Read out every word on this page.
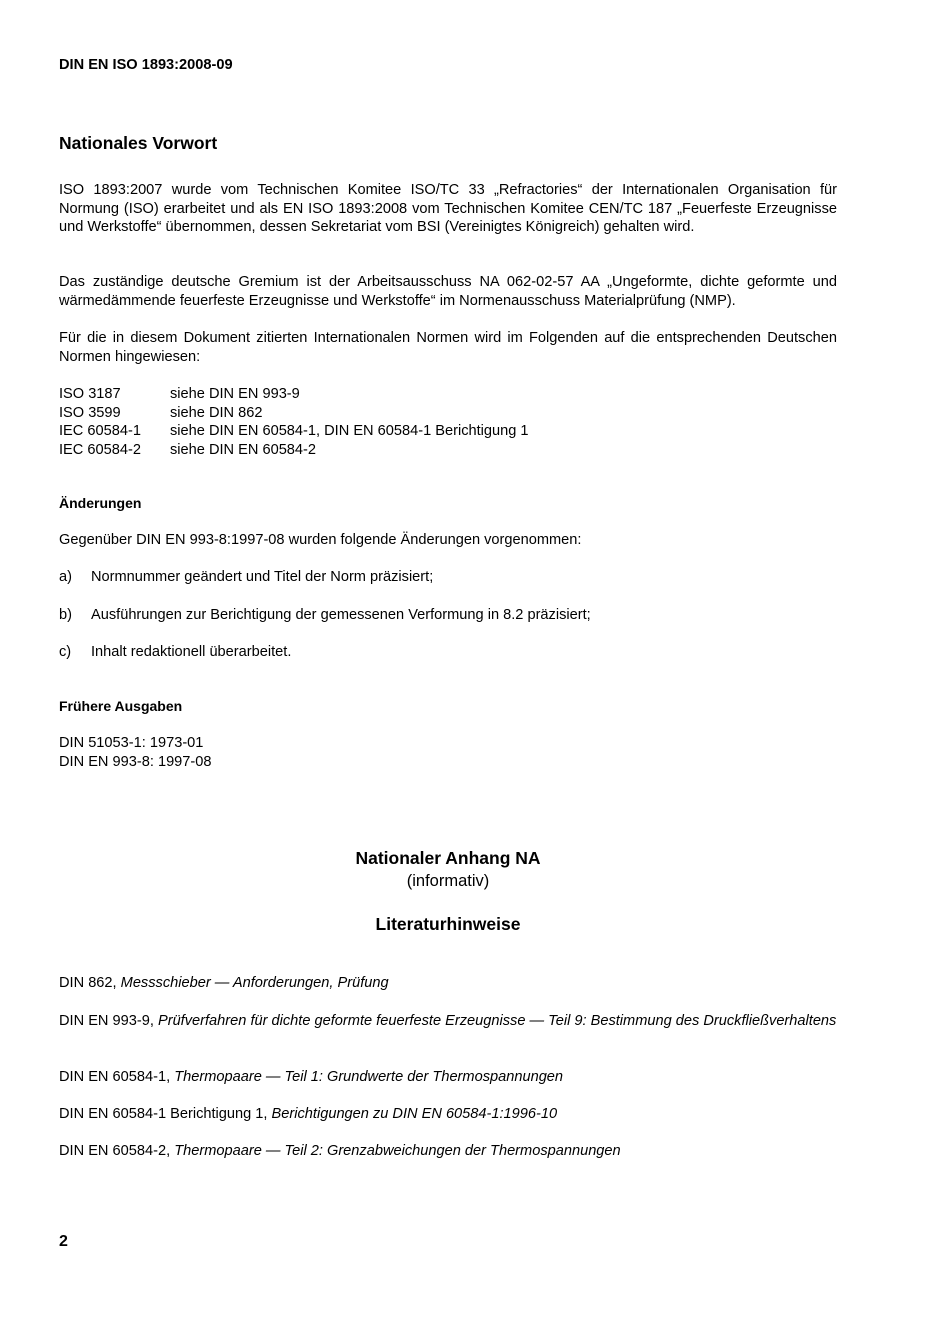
DIN EN ISO 1893:2008-09
Nationales Vorwort
ISO 1893:2007 wurde vom Technischen Komitee ISO/TC 33 „Refractories“ der Internationalen Organisation für Normung (ISO) erarbeitet und als EN ISO 1893:2008 vom Technischen Komitee CEN/TC 187 „Feuerfeste Erzeugnisse und Werkstoffe“ übernommen, dessen Sekretariat vom BSI (Vereinigtes Königreich) gehalten wird.
Das zuständige deutsche Gremium ist der Arbeitsausschuss NA 062-02-57 AA „Ungeformte, dichte geformte und wärmedämmende feuerfeste Erzeugnisse und Werkstoffe“ im Normenausschuss Materialprüfung (NMP).
Für die in diesem Dokument zitierten Internationalen Normen wird im Folgenden auf die entsprechenden Deutschen Normen hingewiesen:
ISO 3187	siehe DIN EN 993-9
ISO 3599	siehe DIN 862
IEC 60584-1	siehe DIN EN 60584-1, DIN EN 60584-1 Berichtigung 1
IEC 60584-2	siehe DIN EN 60584-2
Änderungen
Gegenüber DIN EN 993-8:1997-08 wurden folgende Änderungen vorgenommen:
a)	Normnummer geändert und Titel der Norm präzisiert;
b)	Ausführungen zur Berichtigung der gemessenen Verformung in 8.2 präzisiert;
c)	Inhalt redaktionell überarbeitet.
Frühere Ausgaben
DIN 51053-1: 1973-01
DIN EN 993-8: 1997-08
Nationaler Anhang NA
(informativ)
Literaturhinweise
DIN 862, Messschieber — Anforderungen, Prüfung
DIN EN 993-9, Prüfverfahren für dichte geformte feuerfeste Erzeugnisse — Teil 9: Bestimmung des Druckfließverhaltens
DIN EN 60584-1, Thermopaare — Teil 1: Grundwerte der Thermospannungen
DIN EN 60584-1 Berichtigung 1, Berichtigungen zu DIN EN 60584-1:1996-10
DIN EN 60584-2, Thermopaare — Teil 2: Grenzabweichungen der Thermospannungen
2
